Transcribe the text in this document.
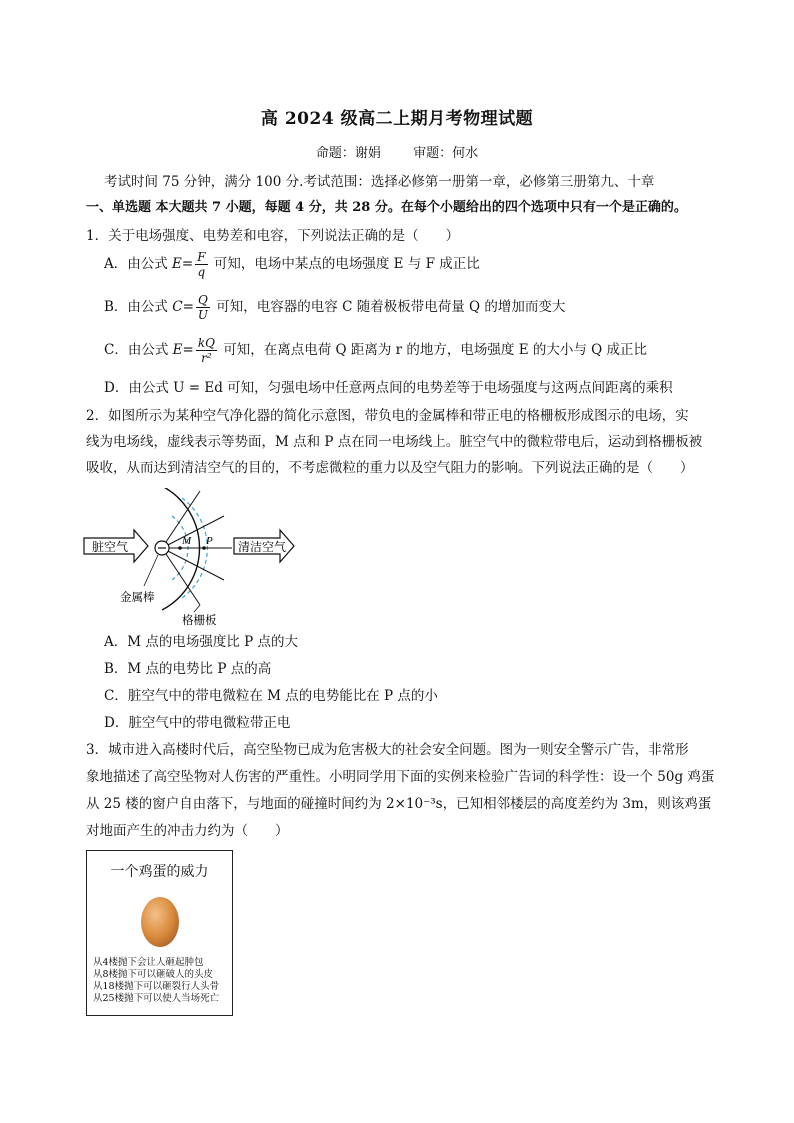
高 2024 级高二上期月考物理试题
命题：谢娟 审题：何水
考试时间 75 分钟，满分 100 分.考试范围：选择必修第一册第一章，必修第三册第九、十章
一、单选题 本大题共 7 小题，每题 4 分，共 28 分。在每个小题给出的四个选项中只有一个是正确的。
1．关于电场强度、电势差和电容，下列说法正确的是（　　）
A．由公式 $E= \frac{F}{q}$ 可知，电场中某点的电场强度 E 与 F 成正比
B．由公式 $C= \frac{Q}{U}$ 可知，电容器的电容 C 随着极板带电荷量 Q 的增加而变大
C．由公式 $E= \frac{kQ}{\text{r²}}$ 可知，在离点电荷 Q 距离为 r 的地方，电场强度 E 的大小与 Q 成正比
D．由公式 U = Ed 可知，匀强电场中任意两点间的电势差等于电场强度与这两点间距离的乘积
2．如图所示为某种空气净化器的简化示意图，带负电的金属棒和带正电的格栅板形成图示的电场，实
线为电场线，虚线表示等势面，M 点和 P 点在同一电场线上。脏空气中的微粒带电后，运动到格栅板被
吸收，从而达到清洁空气的目的，不考虑微粒的重力以及空气阻力的影响。下列说法正确的是（　　）
脏空气	清洁空气
M P
金属棒
格栅板
A．M 点的电场强度比 P 点的大
B．M 点的电势比 P 点的高
C．脏空气中的带电微粒在 M 点的电势能比在 P 点的小
D．脏空气中的带电微粒带正电
3．城市进入高楼时代后，高空坠物已成为危害极大的社会安全问题。图为一则安全警示广告，非常形
象地描述了高空坠物对人伤害的严重性。小明同学用下面的实例来检验广告词的科学性：设一个 50g 鸡蛋
从 25 楼的窗户自由落下，与地面的碰撞时间约为 2×10⁻³s，已知相邻楼层的高度差约为 3m，则该鸡蛋
对地面产生的冲击力约为（　　）
一个鸡蛋的威力
从4楼抛下会让人砸起肿包
从8楼抛下可以砸破人的头皮
从18楼抛下可以砸裂行人头骨
从25楼抛下可以使人当场死亡
